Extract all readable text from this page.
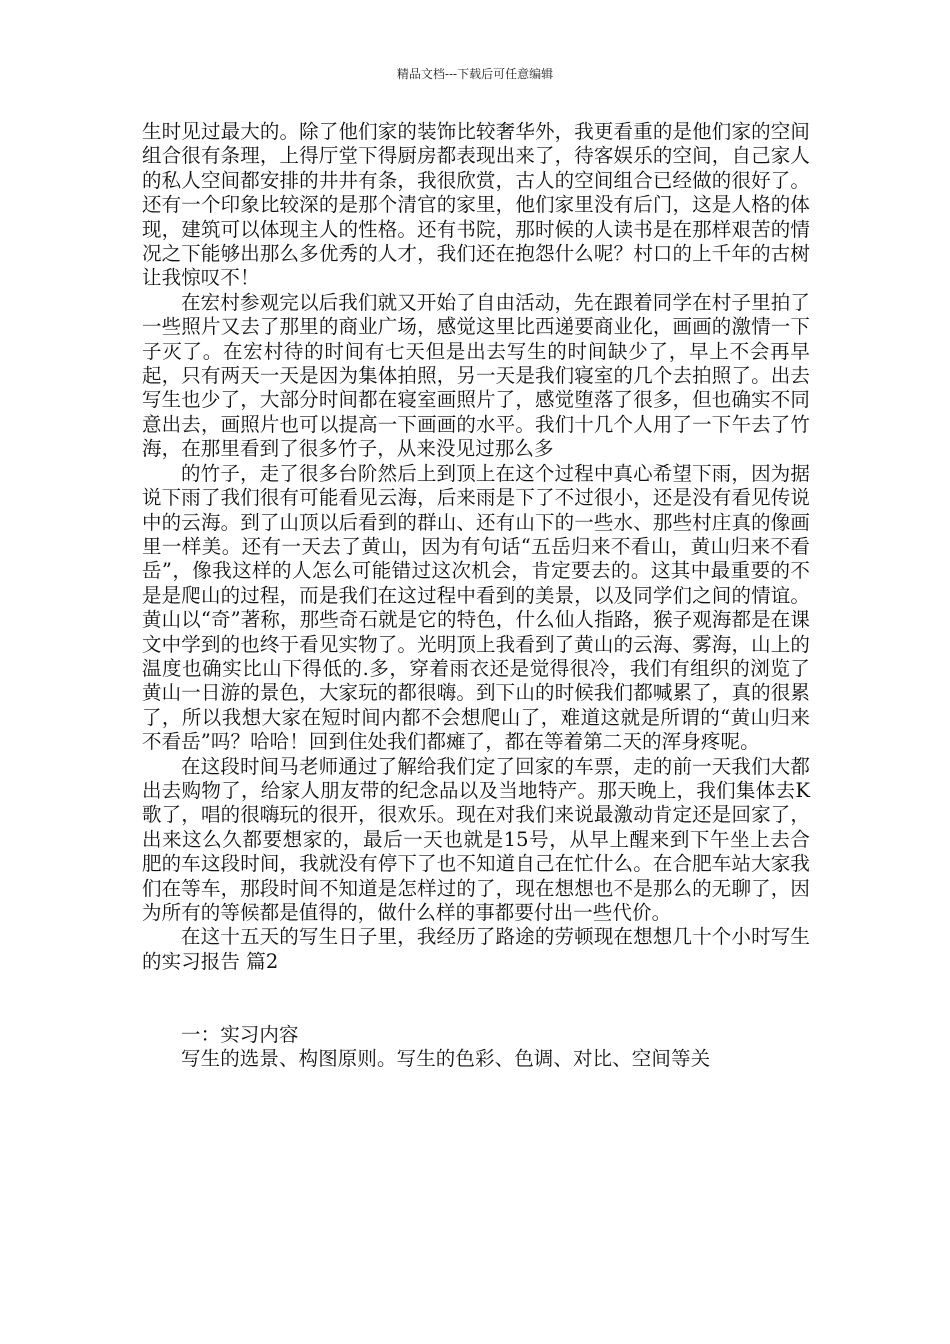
精品文档---下载后可任意编辑

生时见过最大的。除了他们家的装饰比较奢华外，我更看重的是他们家的空间组合很有条理，上得厅堂下得厨房都表现出来了，待客娱乐的空间，自己家人的私人空间都安排的井井有条，我很欣赏，古人的空间组合已经做的很好了。还有一个印象比较深的是那个清官的家里，他们家里没有后门，这是人格的体现，建筑可以体现主人的性格。还有书院，那时候的人读书是在那样艰苦的情况之下能够出那么多优秀的人才，我们还在抱怨什么呢？村口的上千年的古树让我惊叹不！

在宏村参观完以后我们就又开始了自由活动，先在跟着同学在村子里拍了一些照片又去了那里的商业广场，感觉这里比西递要商业化，画画的激情一下子灭了。在宏村待的时间有七天但是出去写生的时间缺少了，早上不会再早起，只有两天一天是因为集体拍照，另一天是我们寝室的几个去拍照了。出去写生也少了，大部分时间都在寝室画照片了，感觉堕落了很多，但也确实不同意出去，画照片也可以提高一下画画的水平。我们十几个人用了一下午去了竹海，在那里看到了很多竹子，从来没见过那么多

的竹子，走了很多台阶然后上到顶上在这个过程中真心希望下雨，因为据说下雨了我们很有可能看见云海，后来雨是下了不过很小，还是没有看见传说中的云海。到了山顶以后看到的群山、还有山下的一些水、那些村庄真的像画里一样美。还有一天去了黄山，因为有句话“五岳归来不看山，黄山归来不看岳”，像我这样的人怎么可能错过这次机会，肯定要去的。这其中最重要的不是是爬山的过程，而是我们在这过程中看到的美景，以及同学们之间的情谊。黄山以“奇”著称，那些奇石就是它的特色，什么仙人指路，猴子观海都是在课文中学到的也终于看见实物了。光明顶上我看到了黄山的云海、雾海，山上的温度也确实比山下得低的.多，穿着雨衣还是觉得很冷，我们有组织的浏览了黄山一日游的景色，大家玩的都很嗨。到下山的时候我们都喊累了，真的很累了，所以我想大家在短时间内都不会想爬山了，难道这就是所谓的“黄山归来不看岳”吗？哈哈！回到住处我们都瘫了，都在等着第二天的浑身疼呢。

在这段时间马老师通过了解给我们定了回家的车票，走的前一天我们大都出去购物了，给家人朋友带的纪念品以及当地特产。那天晚上，我们集体去K歌了，唱的很嗨玩的很开，很欢乐。现在对我们来说最激动肯定还是回家了，出来这么久都要想家的，最后一天也就是15号，从早上醒来到下午坐上去合肥的车这段时间，我就没有停下了也不知道自己在忙什么。在合肥车站大家我们在等车，那段时间不知道是怎样过的了，现在想想也不是那么的无聊了，因为所有的等候都是值得的，做什么样的事都要付出一些代价。

在这十五天的写生日子里，我经历了路途的劳顿现在想想几十个小时写生的实习报告 篇2

一：实习内容

写生的选景、构图原则。写生的色彩、色调、对比、空间等关
